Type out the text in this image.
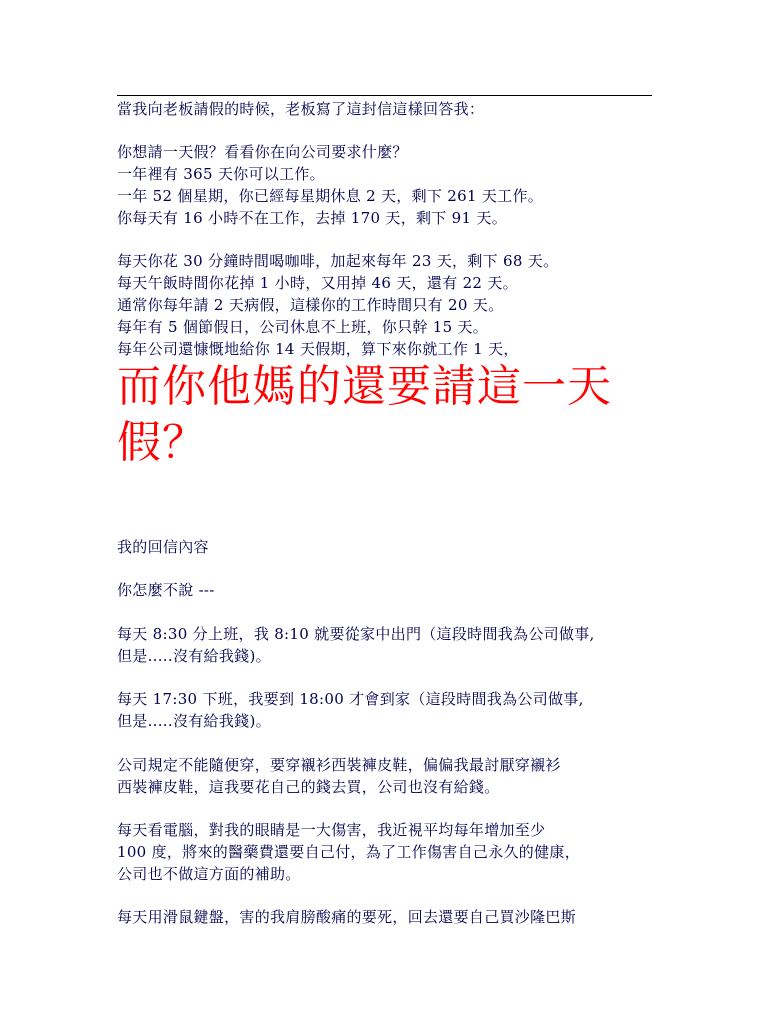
當我向老板請假的時候，老板寫了這封信這樣回答我：
你想請一天假？看看你在向公司要求什麼？
一年裡有 365 天你可以工作。
一年 52 個星期，你已經每星期休息 2 天，剩下 261 天工作。
你每天有 16 小時不在工作，去掉 170 天，剩下 91 天。
每天你花 30 分鐘時間喝咖啡，加起來每年 23 天，剩下 68 天。
每天午飯時間你花掉 1 小時，又用掉 46 天，還有 22 天。
通常你每年請 2 天病假，這樣你的工作時間只有 20 天。
每年有 5 個節假日，公司休息不上班，你只幹 15 天。
每年公司還慷慨地給你 14 天假期，算下來你就工作 1 天，
而你他媽的還要請這一天假？
我的回信內容
你怎麼不說 ---
每天 8:30 分上班，我 8:10 就要從家中出門（這段時間我為公司做事,
但是.....沒有給我錢)。
每天 17:30 下班，我要到 18:00 才會到家（這段時間我為公司做事,
但是.....沒有給我錢)。
公司規定不能隨便穿，要穿襯衫西裝褲皮鞋，偏偏我最討厭穿襯衫
西裝褲皮鞋，這我要花自己的錢去買，公司也沒有給錢。
每天看電腦，對我的眼睛是一大傷害，我近視平均每年增加至少
100 度，將來的醫藥費還要自己付，為了工作傷害自己永久的健康，
公司也不做這方面的補助。
每天用滑鼠鍵盤，害的我肩膀酸痛的要死，回去還要自己買沙隆巴斯
